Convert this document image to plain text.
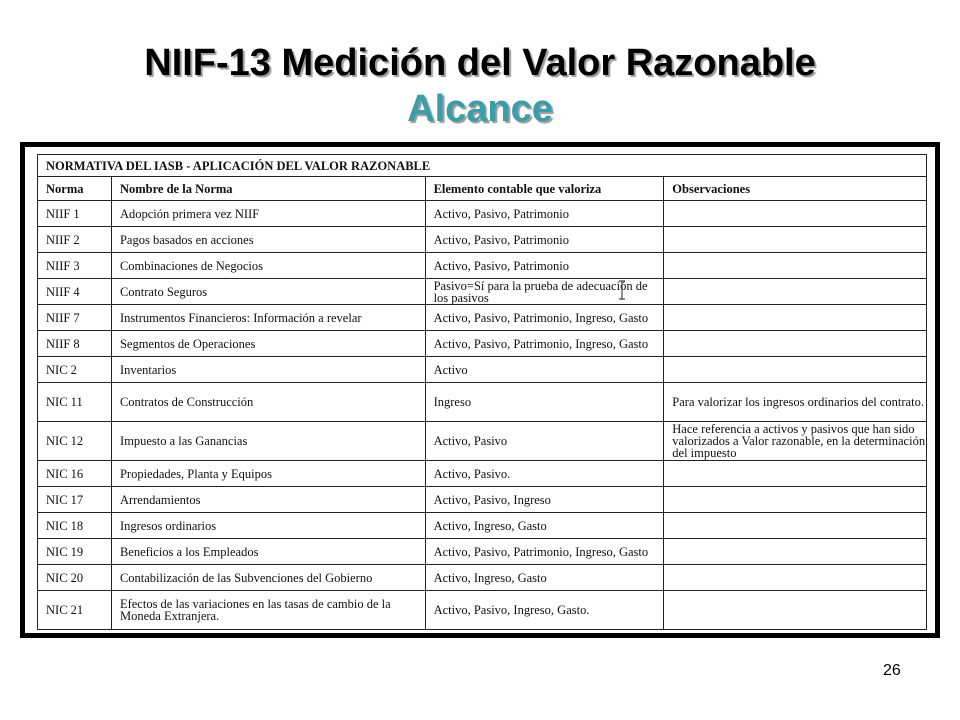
NIIF-13 Medición del Valor Razonable
Alcance
NORMATIVA DEL IASB - APLICACIÓN DEL VALOR RAZONABLE			
Norma	Nombre de la Norma	Elemento contable que valoriza	Observaciones
NIIF 1	Adopción primera vez NIIF	Activo, Pasivo, Patrimonio	
NIIF 2	Pagos basados en acciones	Activo, Pasivo, Patrimonio	
NIIF 3	Combinaciones de Negocios	Activo, Pasivo, Patrimonio	
NIIF 4	Contrato Seguros	Pasivo=Sí para la prueba de adecuación de los pasivos	
NIIF 7	Instrumentos Financieros: Información a revelar	Activo, Pasivo, Patrimonio, Ingreso, Gasto	
NIIF 8	Segmentos de Operaciones	Activo, Pasivo, Patrimonio, Ingreso, Gasto	
NIC 2	Inventarios	Activo	
NIC 11	Contratos de Construcción	Ingreso	Para valorizar los ingresos ordinarios del contrato.
NIC 12	Impuesto a las Ganancias	Activo, Pasivo	Hace referencia a activos y pasivos que han sido valorizados a Valor razonable, en la determinación del impuesto
NIC 16	Propiedades, Planta y Equipos	Activo, Pasivo.	
NIC 17	Arrendamientos	Activo, Pasivo, Ingreso	
NIC 18	Ingresos ordinarios	Activo, Ingreso, Gasto	
NIC 19	Beneficios a los Empleados	Activo, Pasivo, Patrimonio, Ingreso, Gasto	
NIC 20	Contabilización de las Subvenciones del Gobierno	Activo, Ingreso, Gasto	
NIC 21	Efectos de las variaciones en las tasas de cambio de la Moneda Extranjera.	Activo, Pasivo, Ingreso, Gasto.	
26
